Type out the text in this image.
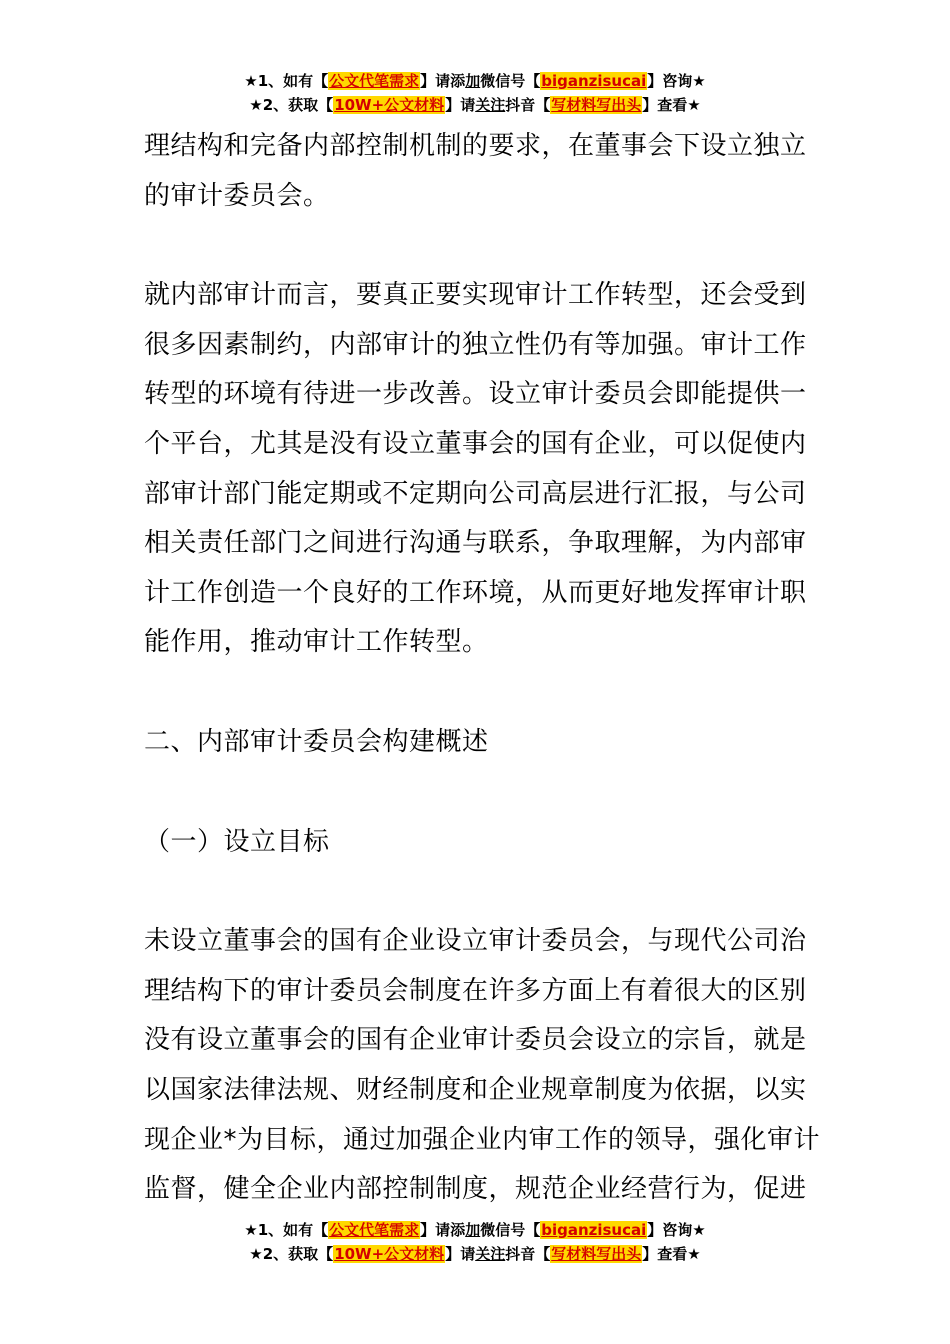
★1、如有【公文代笔需求】请添加微信号【biganzisucai】咨询★
★2、获取【10W+公文材料】请关注抖音【写材料写出头】查看★
理结构和完备内部控制机制的要求，在董事会下设立独立
的审计委员会。
就内部审计而言，要真正要实现审计工作转型，还会受到
很多因素制约，内部审计的独立性仍有等加强。审计工作
转型的环境有待进一步改善。设立审计委员会即能提供一
个平台，尤其是没有设立董事会的国有企业，可以促使内
部审计部门能定期或不定期向公司高层进行汇报，与公司
相关责任部门之间进行沟通与联系，争取理解，为内部审
计工作创造一个良好的工作环境，从而更好地发挥审计职
能作用，推动审计工作转型。
二、内部审计委员会构建概述
（一）设立目标
未设立董事会的国有企业设立审计委员会，与现代公司治
理结构下的审计委员会制度在许多方面上有着很大的区别
没有设立董事会的国有企业审计委员会设立的宗旨，就是
以国家法律法规、财经制度和企业规章制度为依据，以实
现企业*为目标，通过加强企业内审工作的领导，强化审计
监督，健全企业内部控制制度，规范企业经营行为，促进
★1、如有【公文代笔需求】请添加微信号【biganzisucai】咨询★
★2、获取【10W+公文材料】请关注抖音【写材料写出头】查看★
